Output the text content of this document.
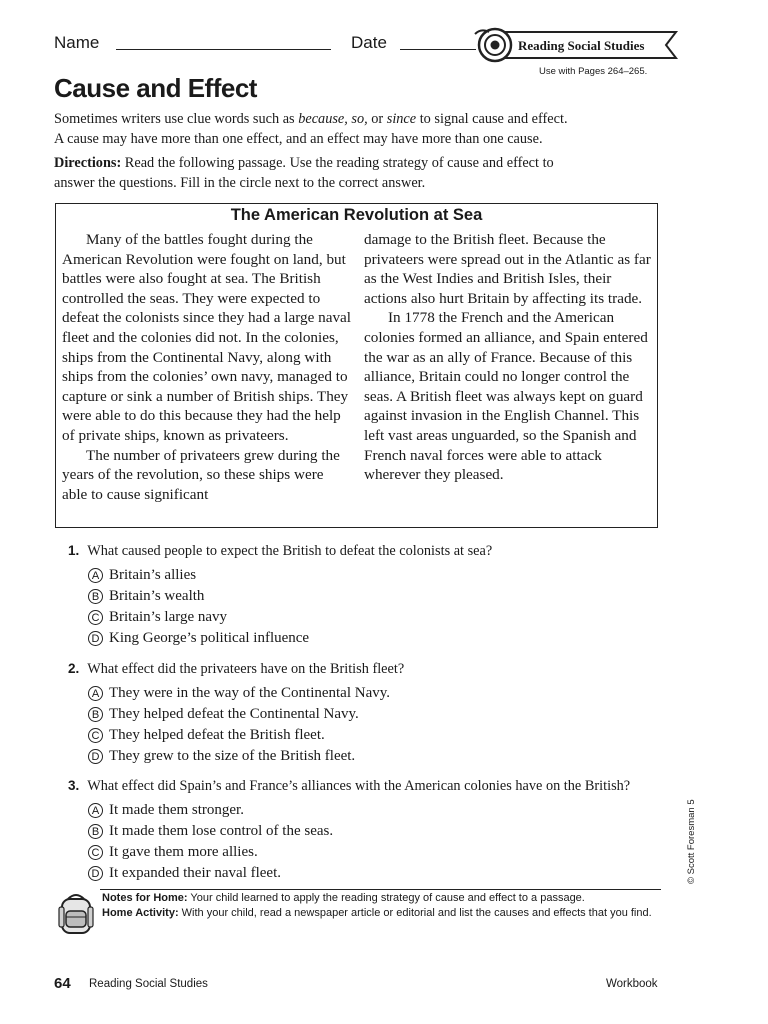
Name	Date	Reading Social Studies
Use with Pages 264–265.
Cause and Effect

Sometimes writers use clue words such as because, so, or since to signal cause and effect.
A cause may have more than one effect, and an effect may have more than one cause.

Directions: Read the following passage. Use the reading strategy of cause and effect to answer the questions. Fill in the circle next to the correct answer.

The American Revolution at Sea

Many of the battles fought during the American Revolution were fought on land, but battles were also fought at sea. The British controlled the seas. They were expected to defeat the colonists since they had a large naval fleet and the colonies did not. In the colonies, ships from the Continental Navy, along with ships from the colonies’ own navy, managed to capture or sink a number of British ships. They were able to do this because they had the help of private ships, known as privateers.

The number of privateers grew during the years of the revolution, so these ships were able to cause significant

damage to the British fleet. Because the privateers were spread out in the Atlantic as far as the West Indies and British Isles, their actions also hurt Britain by affecting its trade.

In 1778 the French and the American colonies formed an alliance, and Spain entered the war as an ally of France. Because of this alliance, Britain could no longer control the seas. A British fleet was always kept on guard against invasion in the English Channel. This left vast areas unguarded, so the Spanish and French naval forces were able to attack wherever they pleased.

1. What caused people to expect the British to defeat the colonists at sea?
A Britain’s allies
B Britain’s wealth
C Britain’s large navy
D King George’s political influence
2. What effect did the privateers have on the British fleet?
A They were in the way of the Continental Navy.
B They helped defeat the Continental Navy.
C They helped defeat the British fleet.
D They grew to the size of the British fleet.
3. What effect did Spain’s and France’s alliances with the American colonies have on the British?
A It made them stronger.
B It made them lose control of the seas.
C It gave them more allies.
D It expanded their naval fleet.	© Scott Foresman 5
Notes for Home: Your child learned to apply the reading strategy of cause and effect to a passage.
Home Activity: With your child, read a newspaper article or editorial and list the causes and effects that you find.
64 Reading Social Studies	Workbook
